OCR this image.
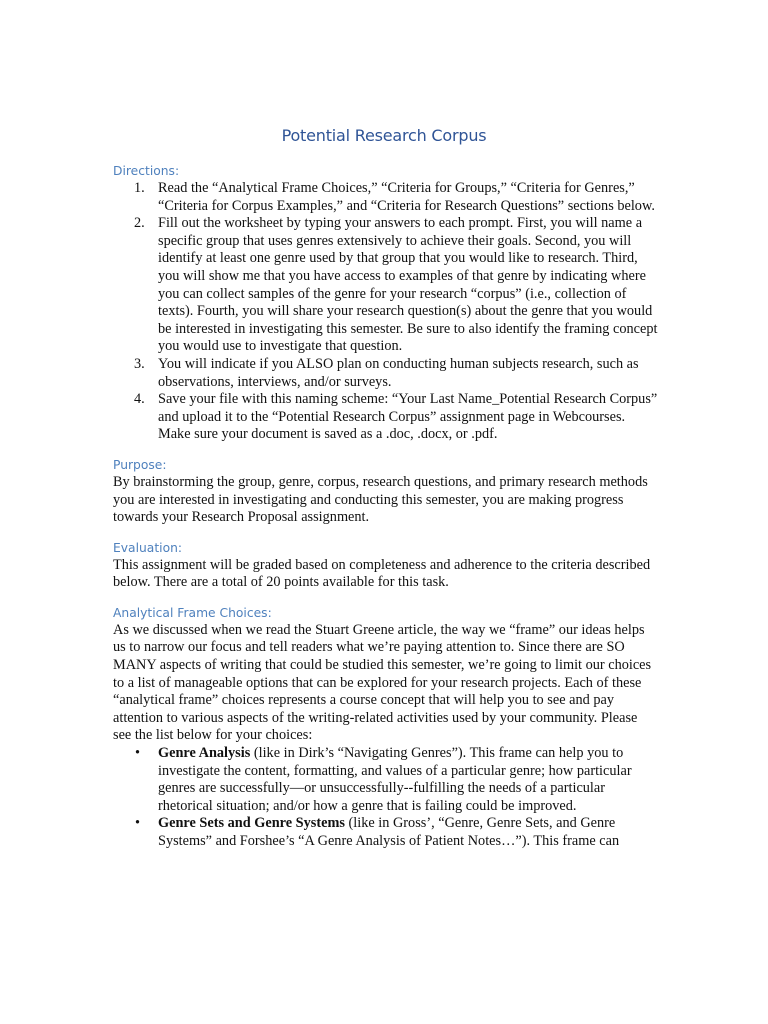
Potential Research Corpus
Directions:
1. Read the “Analytical Frame Choices,” “Criteria for Groups,” “Criteria for Genres,” “Criteria for Corpus Examples,” and “Criteria for Research Questions” sections below.
2. Fill out the worksheet by typing your answers to each prompt. First, you will name a specific group that uses genres extensively to achieve their goals. Second, you will identify at least one genre used by that group that you would like to research. Third, you will show me that you have access to examples of that genre by indicating where you can collect samples of the genre for your research “corpus” (i.e., collection of texts). Fourth, you will share your research question(s) about the genre that you would be interested in investigating this semester. Be sure to also identify the framing concept you would use to investigate that question.
3. You will indicate if you ALSO plan on conducting human subjects research, such as observations, interviews, and/or surveys.
4. Save your file with this naming scheme: “Your Last Name_Potential Research Corpus” and upload it to the “Potential Research Corpus” assignment page in Webcourses. Make sure your document is saved as a .doc, .docx, or .pdf.
Purpose:

By brainstorming the group, genre, corpus, research questions, and primary research methods you are interested in investigating and conducting this semester, you are making progress towards your Research Proposal assignment.

Evaluation:

This assignment will be graded based on completeness and adherence to the criteria described below. There are a total of 20 points available for this task.

Analytical Frame Choices:

As we discussed when we read the Stuart Greene article, the way we “frame” our ideas helps us to narrow our focus and tell readers what we’re paying attention to. Since there are SO MANY aspects of writing that could be studied this semester, we’re going to limit our choices to a list of manageable options that can be explored for your research projects. Each of these “analytical frame” choices represents a course concept that will help you to see and pay attention to various aspects of the writing-related activities used by your community. Please see the list below for your choices:

• Genre Analysis (like in Dirk’s “Navigating Genres”). This frame can help you to investigate the content, formatting, and values of a particular genre; how particular genres are successfully—or unsuccessfully--fulfilling the needs of a particular rhetorical situation; and/or how a genre that is failing could be improved.
• Genre Sets and Genre Systems (like in Gross’, “Genre, Genre Sets, and Genre Systems” and Forshee’s “A Genre Analysis of Patient Notes…”). This frame can
